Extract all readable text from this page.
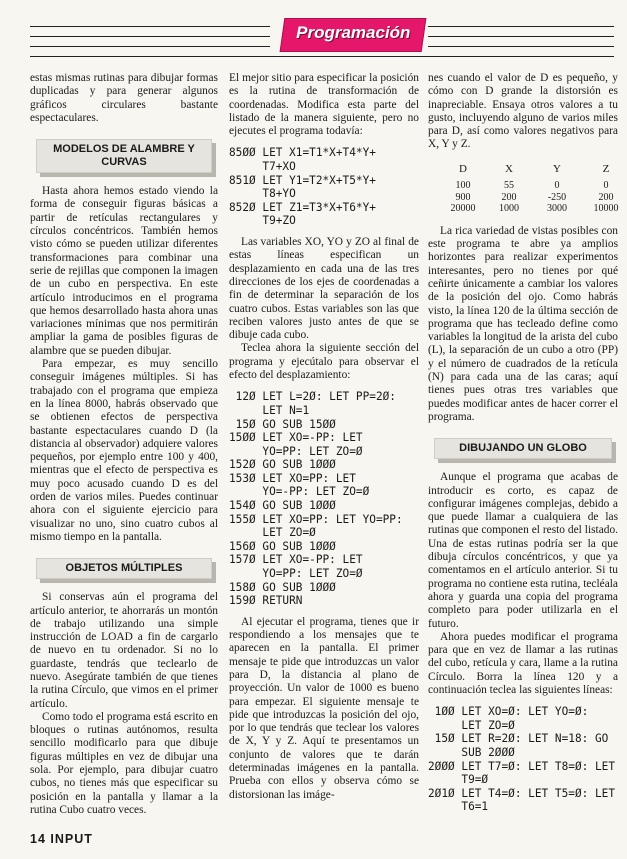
Programación

estas mismas rutinas para dibujar formas duplicadas y para generar algunos gráficos circulares bastante espectaculares.

MODELOS DE ALAMBRE Y CURVAS

Hasta ahora hemos estado viendo la forma de conseguir figuras básicas a partir de retículas rectangulares y círculos concéntricos. También hemos visto cómo se pueden utilizar diferentes transformaciones para combinar una serie de rejillas que componen la imagen de un cubo en perspectiva. En este artículo introducimos en el programa que hemos desarrollado hasta ahora unas variaciones mínimas que nos permitirán ampliar la gama de posibles figuras de alambre que se pueden dibujar.

Para empezar, es muy sencillo conseguir imágenes múltiples. Si has trabajado con el programa que empieza en la línea 8000, habrás observado que se obtienen efectos de perspectiva bastante espectaculares cuando D (la distancia al observador) adquiere valores pequeños, por ejemplo entre 100 y 400, mientras que el efecto de perspectiva es muy poco acusado cuando D es del orden de varios miles. Puedes continuar ahora con el siguiente ejercicio para visualizar no uno, sino cuatro cubos al mismo tiempo en la pantalla.

OBJETOS MÚLTIPLES

Si conservas aún el programa del artículo anterior, te ahorrarás un montón de trabajo utilizando una simple instrucción de LOAD a fin de cargarlo de nuevo en tu ordenador. Si no lo guardaste, tendrás que teclearlo de nuevo. Asegúrate también de que tienes la rutina Círculo, que vimos en el primer artículo.

Como todo el programa está escrito en bloques o rutinas autónomos, resulta sencillo modificarlo para que dibuje figuras múltiples en vez de dibujar una sola. Por ejemplo, para dibujar cuatro cubos, no tienes más que especificar su posición en la pantalla y llamar a la rutina Cubo cuatro veces.

El mejor sitio para especificar la posición es la rutina de transformación de coordenadas. Modifica esta parte del listado de la manera siguiente, pero no ejecutes el programa todavía:

85ØØ LET X1=T1*X+T4*Y+
T7+XO
851Ø LET Y1=T2*X+T5*Y+
T8+YO
852Ø LET Z1=T3*X+T6*Y+
T9+ZO

Las variables XO, YO y ZO al final de estas líneas especifican un desplazamiento en cada una de las tres direcciones de los ejes de coordenadas a fin de determinar la separación de los cuatro cubos. Estas variables son las que reciben valores justo antes de que se dibuje cada cubo.

Teclea ahora la siguiente sección del programa y ejecútalo para observar el efecto del desplazamiento:

12Ø LET L=2Ø: LET PP=2Ø:
LET N=1
15Ø GO SUB 15ØØ
15ØØ LET XO=-PP: LET
YO=PP: LET ZO=Ø
152Ø GO SUB 1ØØØ
153Ø LET XO=PP: LET
YO=-PP: LET ZO=Ø
154Ø GO SUB 1ØØØ
155Ø LET XO=PP: LET YO=PP:
LET ZO=Ø
156Ø GO SUB 1ØØØ
157Ø LET XO=-PP: LET
YO=PP: LET ZO=Ø
158Ø GO SUB 1ØØØ
159Ø RETURN

Al ejecutar el programa, tienes que ir respondiendo a los mensajes que te aparecen en la pantalla. El primer mensaje te pide que introduzcas un valor para D, la distancia al plano de proyección. Un valor de 1000 es bueno para empezar. El siguiente mensaje te pide que introduzcas la posición del ojo, por lo que tendrás que teclear los valores de X, Y y Z. Aquí te presentamos un conjunto de valores que te darán determinadas imágenes en la pantalla. Prueba con ellos y observa cómo se distorsionan las imáge-

nes cuando el valor de D es pequeño, y cómo con D grande la distorsión es inapreciable. Ensaya otros valores a tu gusto, incluyendo alguno de varios miles para D, así como valores negativos para X, Y y Z.

D	X	Y	Z
100	55	0	0
900	200	-250	200
20000	1000	3000	10000

La rica variedad de vistas posibles con este programa te abre ya amplios horizontes para realizar experimentos interesantes, pero no tienes por qué ceñirte únicamente a cambiar los valores de la posición del ojo. Como habrás visto, la línea 120 de la última sección de programa que has tecleado define como variables la longitud de la arista del cubo (L), la separación de un cubo a otro (PP) y el número de cuadrados de la retícula (N) para cada una de las caras; aquí tienes pues otras tres variables que puedes modificar antes de hacer correr el programa.

DIBUJANDO UN GLOBO

Aunque el programa que acabas de introducir es corto, es capaz de configurar imágenes complejas, debido a que puede llamar a cualquiera de las rutinas que componen el resto del listado. Una de estas rutinas podría ser la que dibuja círculos concéntricos, y que ya comentamos en el artículo anterior. Si tu programa no contiene esta rutina, tecléala ahora y guarda una copia del programa completo para poder utilizarla en el futuro.

Ahora puedes modificar el programa para que en vez de llamar a las rutinas del cubo, retícula y cara, llame a la rutina Círculo. Borra la línea 120 y a continuación teclea las siguientes líneas:

1ØØ LET XO=Ø: LET YO=Ø:
LET ZO=Ø
15Ø LET R=2Ø: LET N=18: GO
SUB 2ØØØ
2ØØØ LET T7=Ø: LET T8=Ø: LET
T9=Ø
2Ø1Ø LET T4=Ø: LET T5=Ø: LET
T6=1
14 INPUT
